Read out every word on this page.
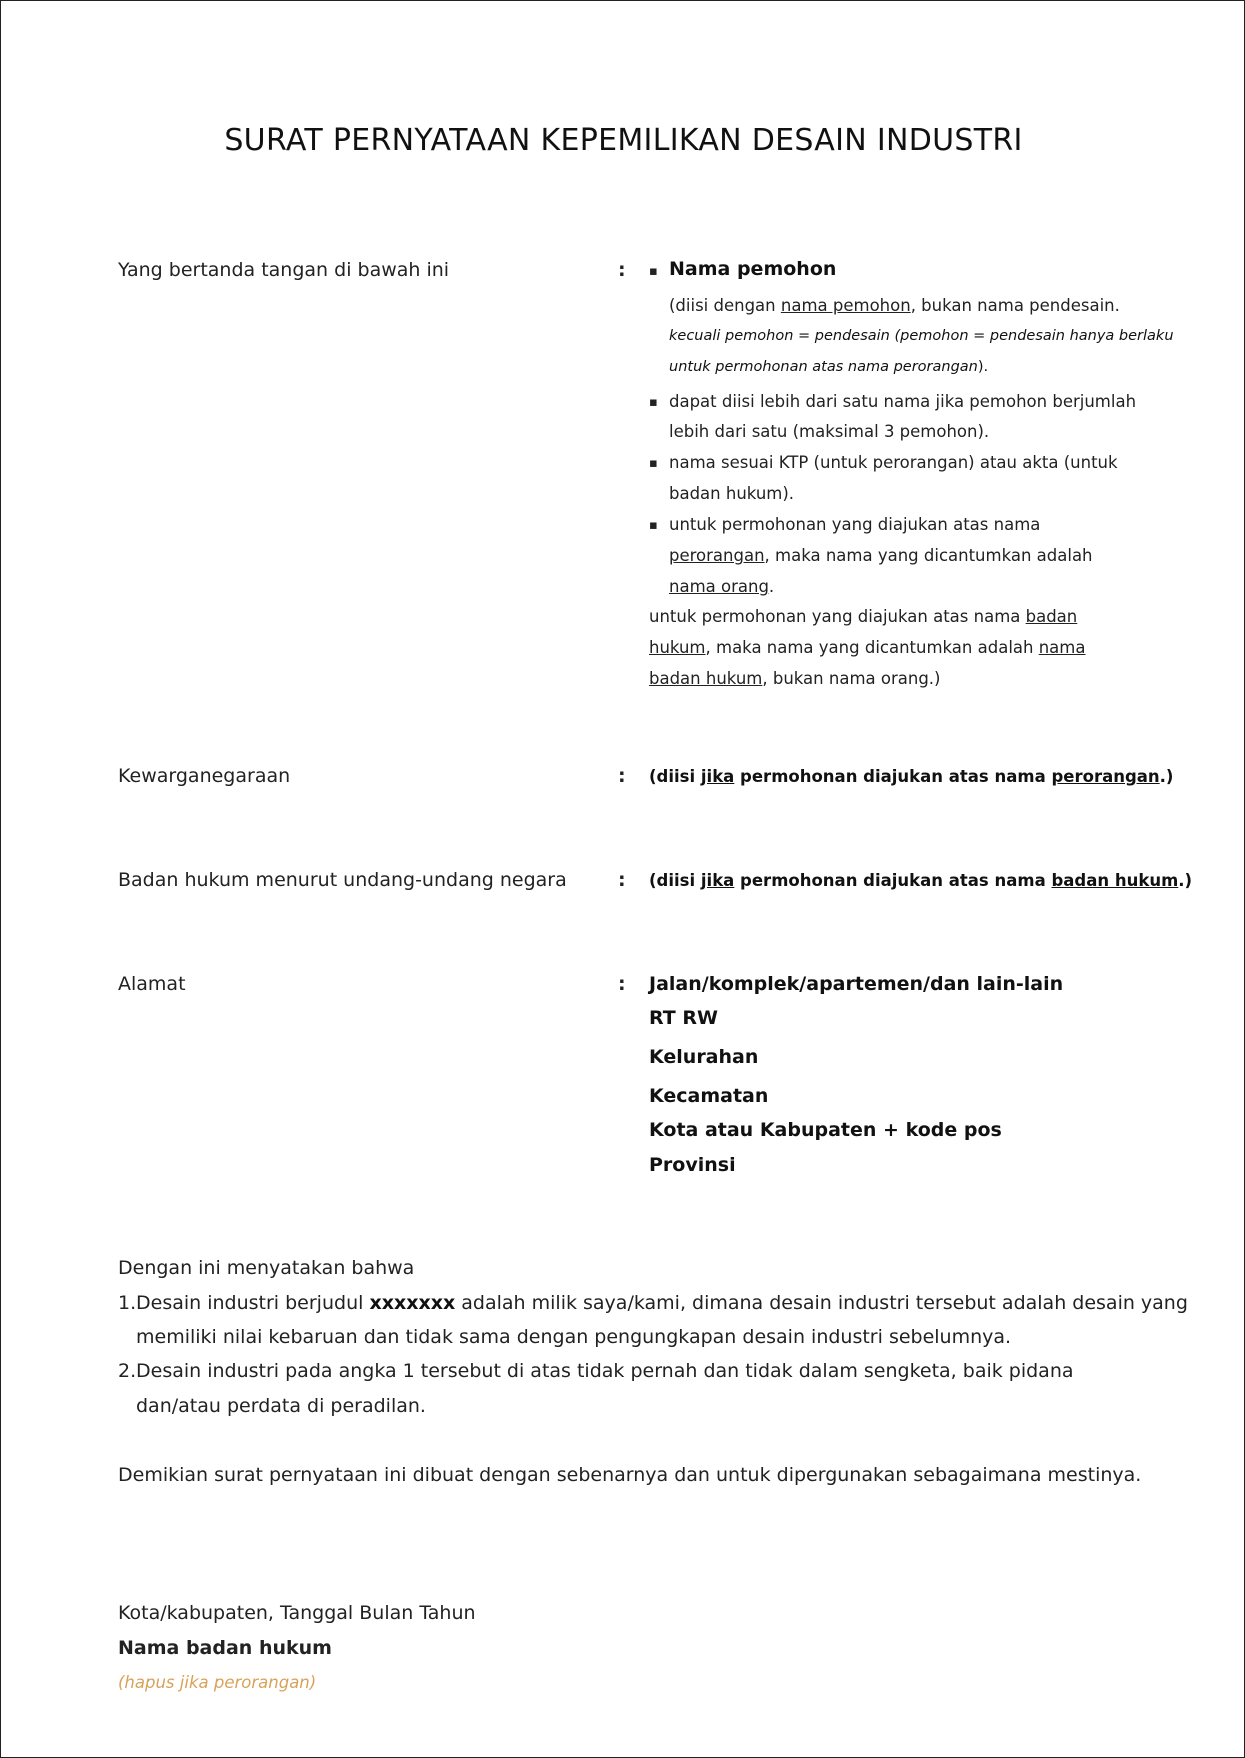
SURAT PERNYATAAN KEPEMILIKAN DESAIN INDUSTRI
Yang bertanda tangan di bawah ini	: ▪ Nama pemohon
(diisi dengan nama pemohon, bukan nama pendesain.
kecuali pemohon = pendesain (pemohon = pendesain hanya berlaku
untuk permohonan atas nama perorangan).
▪ dapat diisi lebih dari satu nama jika pemohon berjumlah
lebih dari satu (maksimal 3 pemohon).
▪ nama sesuai KTP (untuk perorangan) atau akta (untuk
badan hukum).
▪ untuk permohonan yang diajukan atas nama
perorangan, maka nama yang dicantumkan adalah
nama orang.
untuk permohonan yang diajukan atas nama badan
hukum, maka nama yang dicantumkan adalah nama
badan hukum, bukan nama orang.)
Kewarganegaraan	: (diisi jika permohonan diajukan atas nama perorangan.)
Badan hukum menurut undang-undang negara	: (diisi jika permohonan diajukan atas nama badan hukum.)
Alamat	: Jalan/komplek/apartemen/dan lain-lain
RT RW
Kelurahan
Kecamatan
Kota atau Kabupaten + kode pos
Provinsi
Dengan ini menyatakan bahwa
1. Desain industri berjudul xxxxxxx adalah milik saya/kami, dimana desain industri tersebut adalah desain yang
memiliki nilai kebaruan dan tidak sama dengan pengungkapan desain industri sebelumnya.
2. Desain industri pada angka 1 tersebut di atas tidak pernah dan tidak dalam sengketa, baik pidana
dan/atau perdata di peradilan.
Demikian surat pernyataan ini dibuat dengan sebenarnya dan untuk dipergunakan sebagaimana mestinya.
Kota/kabupaten, Tanggal Bulan Tahun
Nama badan hukum
(hapus jika perorangan)
